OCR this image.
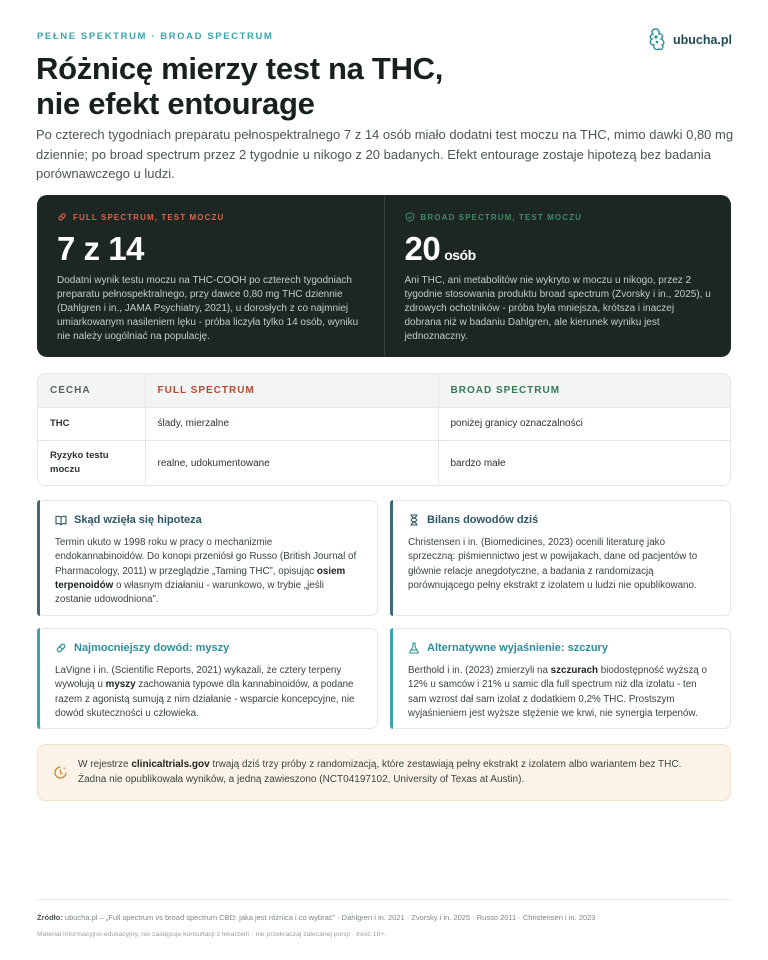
PEŁNE SPEKTRUM · BROAD SPECTRUM	ubucha.pl
Różnicę mierzy test na THC,
nie efekt entourage

Po czterech tygodniach preparatu pełnospektralnego 7 z 14 osób miało dodatni test moczu na THC, mimo dawki 0,80 mg dziennie; po broad spectrum przez 2 tygodnie u nikogo z 20 badanych. Efekt entourage zostaje hipotezą bez badania porównawczego u ludzi.

FULL SPECTRUM, TEST MOCZU
7 z 14
Dodatni wynik testu moczu na THC-COOH po czterech tygodniach preparatu pełnospektralnego, przy dawce 0,80 mg THC dziennie (Dahlgren i in., JAMA Psychiatry, 2021), u dorosłych z co najmniej umiarkowanym nasileniem lęku - próba liczyła tylko 14 osób, wyniku nie należy uogólniać na populację.
BROAD SPECTRUM, TEST MOCZU
20 osób
Ani THC, ani metabolitów nie wykryto w moczu u nikogo, przez 2 tygodnie stosowania produktu broad spectrum (Zvorsky i in., 2025), u zdrowych ochotników - próba była mniejsza, krótsza i inaczej dobrana niż w badaniu Dahlgren, ale kierunek wyniku jest jednoznaczny.
CECHA	FULL SPECTRUM	BROAD SPECTRUM
THC	ślady, mierzalne	poniżej granicy oznaczalności
Ryzyko testu moczu	realne, udokumentowane	bardzo małe
Skąd wzięła się hipoteza
Termin ukuto w 1998 roku w pracy o mechanizmie endokannabinoidów. Do konopi przeniósł go Russo (British Journal of Pharmacology, 2011) w przeglądzie „Taming THC”, opisując osiem terpenoidów o własnym działaniu - warunkowo, w trybie „jeśli zostanie udowodniona”.
Bilans dowodów dziś
Christensen i in. (Biomedicines, 2023) ocenili literaturę jako sprzeczną: piśmiennictwo jest w powijakach, dane od pacjentów to głównie relacje anegdotyczne, a badania z randomizacją porównującego pełny ekstrakt z izolatem u ludzi nie opublikowano.
Najmocniejszy dowód: myszy
LaVigne i in. (Scientific Reports, 2021) wykazali, że cztery terpeny wywołują u myszy zachowania typowe dla kannabinoidów, a podane razem z agonistą sumują z nim działanie - wsparcie koncepcyjne, nie dowód skuteczności u człowieka.
Alternatywne wyjaśnienie: szczury
Berthold i in. (2023) zmierzyli na szczurach biodostępność wyższą o 12% u samców i 21% u samic dla full spectrum niż dla izolatu - ten sam wzrost dał sam izolat z dodatkiem 0,2% THC. Prostszym wyjaśnieniem jest wyższe stężenie we krwi, nie synergia terpenów.
W rejestrze clinicaltrials.gov trwają dziś trzy próby z randomizacją, które zestawiają pełny ekstrakt z izolatem albo wariantem bez THC.
Żadna nie opublikowała wyników, a jedną zawieszono (NCT04197102, University of Texas at Austin).
Źródło: ubucha.pl – „Full spectrum vs broad spectrum CBD: jaka jest różnica i co wybrać” · Dahlgren i in. 2021 · Zvorsky i in. 2025 · Russo 2011 · Christensen i in. 2023
Materiał informacyjno-edukacyjny, nie zastępuje konsultacji z lekarzem · nie przekraczaj zalecanej porcji · treść 18+.
